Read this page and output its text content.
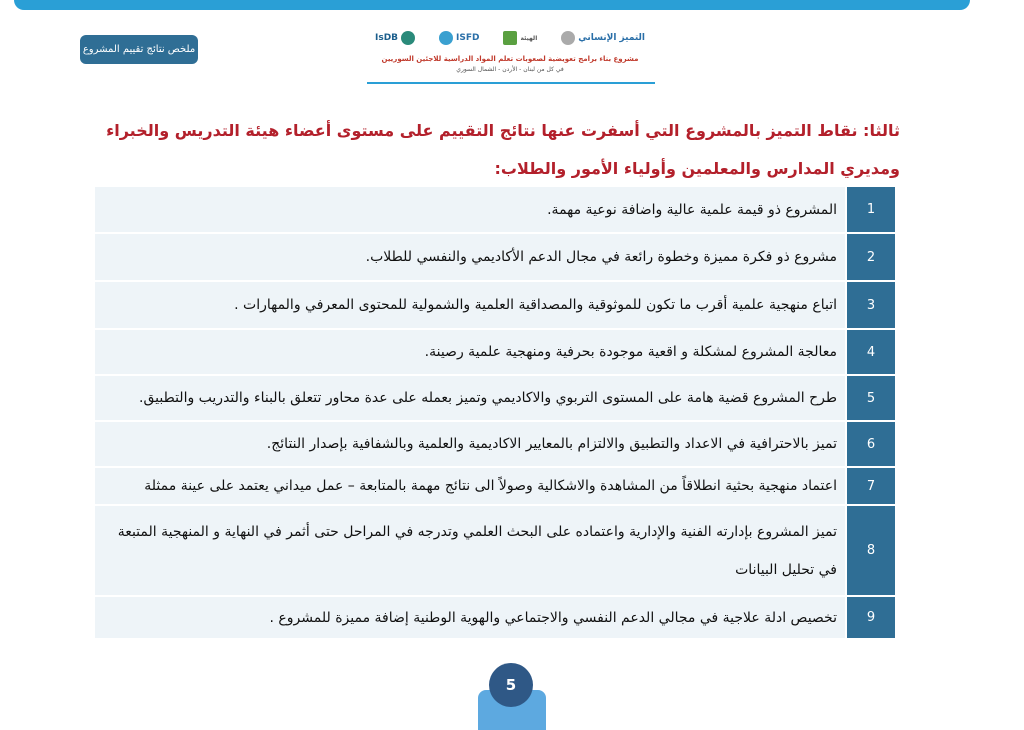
ملخص نتائج تقييم المشروع
IsDB	ISFD	الهيئة	التميز الإنساني
مشروع بناء برامج تعويضية لصعوبات تعلم المواد الدراسية للاجئين السوريين
في كل من لبنان - الأردن - الشمال السوري
ثالثا: نقاط التميز بالمشروع التي أسفرت عنها نتائج التقييم على مستوى أعضاء هيئة التدريس والخبراء ومديري المدارس والمعلمين وأولياء الأمور والطلاب:
1	المشروع ذو قيمة علمية عالية واضافة نوعية مهمة.
2	مشروع ذو فكرة مميزة وخطوة رائعة في مجال الدعم الأكاديمي والنفسي للطلاب.
3	اتباع منهجية علمية أقرب ما تكون للموثوقية والمصداقية العلمية والشمولية للمحتوى المعرفي والمهارات .
4	معالجة المشروع لمشكلة و اقعية موجودة بحرفية ومنهجية علمية رصينة.
5	طرح المشروع قضية هامة على المستوى التربوي والاكاديمي وتميز بعمله على عدة محاور تتعلق بالبناء والتدريب والتطبيق.
6	تميز بالاحترافية في الاعداد والتطبيق والالتزام بالمعايير الاكاديمية والعلمية وبالشفافية بإصدار النتائج.
7	اعتماد منهجية بحثية انطلاقاً من المشاهدة والاشكالية وصولاً الى نتائج مهمة بالمتابعة – عمل ميداني يعتمد على عينة ممثلة
8	تميز المشروع بإدارته الفنية والإدارية واعتماده على البحث العلمي وتدرجه في المراحل حتى أثمر في النهاية و المنهجية المتبعة في تحليل البيانات
9	تخصيص ادلة علاجية في مجالي الدعم النفسي والاجتماعي والهوية الوطنية إضافة مميزة للمشروع .
5
